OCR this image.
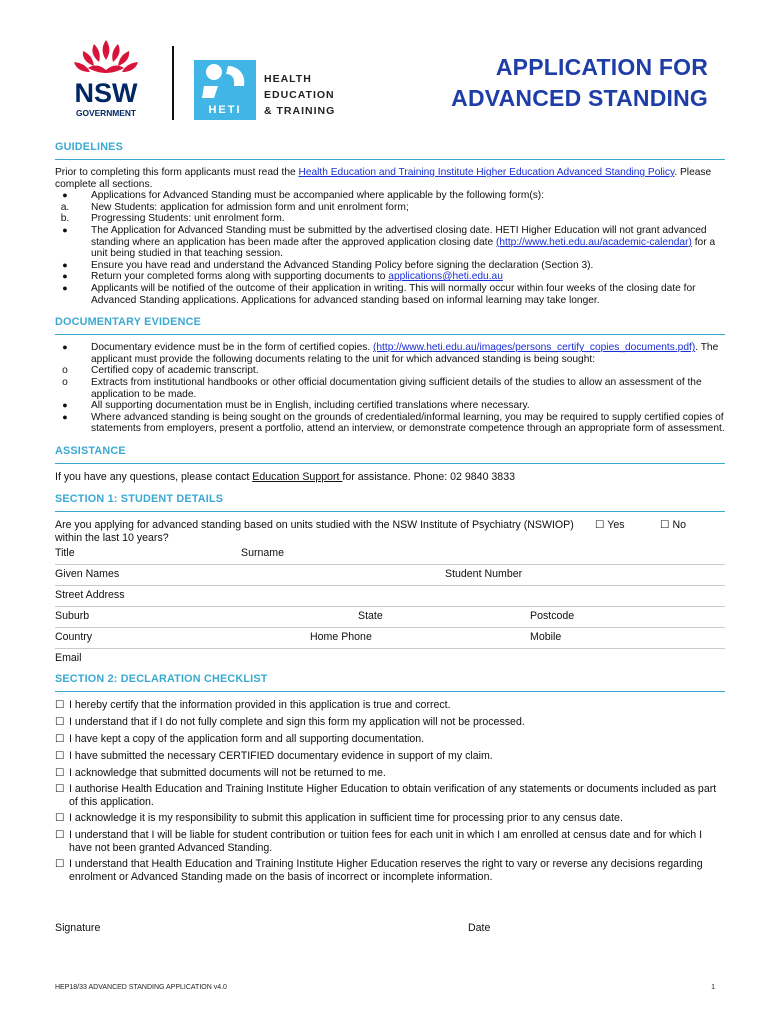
NSW
GOVERNMENT	HETI
HEALTH
EDUCATION
& TRAINING
APPLICATION FOR
ADVANCED STANDING
GUIDELINES

Prior to completing this form applicants must read the Health Education and Training Institute Higher Education Advanced Standing Policy. Please complete all sections.

●	Applications for Advanced Standing must be accompanied where applicable by the following form(s):
a.	New Students: application for admission form and unit enrolment form;
b.	Progressing Students: unit enrolment form.
●	The Application for Advanced Standing must be submitted by the advertised closing date. HETI Higher Education will not grant advanced standing where an application has been made after the approved application closing date (http://www.heti.edu.au/academic-calendar) for a unit being studied in that teaching session.
●	Ensure you have read and understand the Advanced Standing Policy before signing the declaration (Section 3).
●	Return your completed forms along with supporting documents to applications@heti.edu.au
●	Applicants will be notified of the outcome of their application in writing. This will normally occur within four weeks of the closing date for Advanced Standing applications. Applications for advanced standing based on informal learning may take longer.
DOCUMENTARY EVIDENCE
●	Documentary evidence must be in the form of certified copies. (http://www.heti.edu.au/images/persons_certify_copies_documents.pdf). The applicant must provide the following documents relating to the unit for which advanced standing is being sought:
o	Certified copy of academic transcript.
o	Extracts from institutional handbooks or other official documentation giving sufficient details of the studies to allow an assessment of the application to be made.
●	All supporting documentation must be in English, including certified translations where necessary.
●	Where advanced standing is being sought on the grounds of credentialed/informal learning, you may be required to supply certified copies of statements from employers, present a portfolio, attend an interview, or demonstrate competence through an appropriate form of assessment.
ASSISTANCE

If you have any questions, please contact Education Support for assistance. Phone: 02 9840 3833

SECTION 1: STUDENT DETAILS
Are you applying for advanced standing based on units studied with the NSW Institute of Psychiatry (NSWIOP) within the last 10 years?
☐ Yes	☐ No
Title	Surname
Given Names	Student Number
Street Address
Suburb	State	Postcode
Country	Home Phone	Mobile
Email
SECTION 2: DECLARATION CHECKLIST
☐ I hereby certify that the information provided in this application is true and correct.
☐ I understand that if I do not fully complete and sign this form my application will not be processed.
☐ I have kept a copy of the application form and all supporting documentation.
☐ I have submitted the necessary CERTIFIED documentary evidence in support of my claim.
☐ I acknowledge that submitted documents will not be returned to me.
☐ I authorise Health Education and Training Institute Higher Education to obtain verification of any statements or documents included as part of this application.
☐ I acknowledge it is my responsibility to submit this application in sufficient time for processing prior to any census date.
☐ I understand that I will be liable for student contribution or tuition fees for each unit in which I am enrolled at census date and for which I have not been granted Advanced Standing.
☐ I understand that Health Education and Training Institute Higher Education reserves the right to vary or reverse any decisions regarding enrolment or Advanced Standing made on the basis of incorrect or incomplete information.
Signature	Date
HEP18/33 ADVANCED STANDING APPLICATION v4.0	1
